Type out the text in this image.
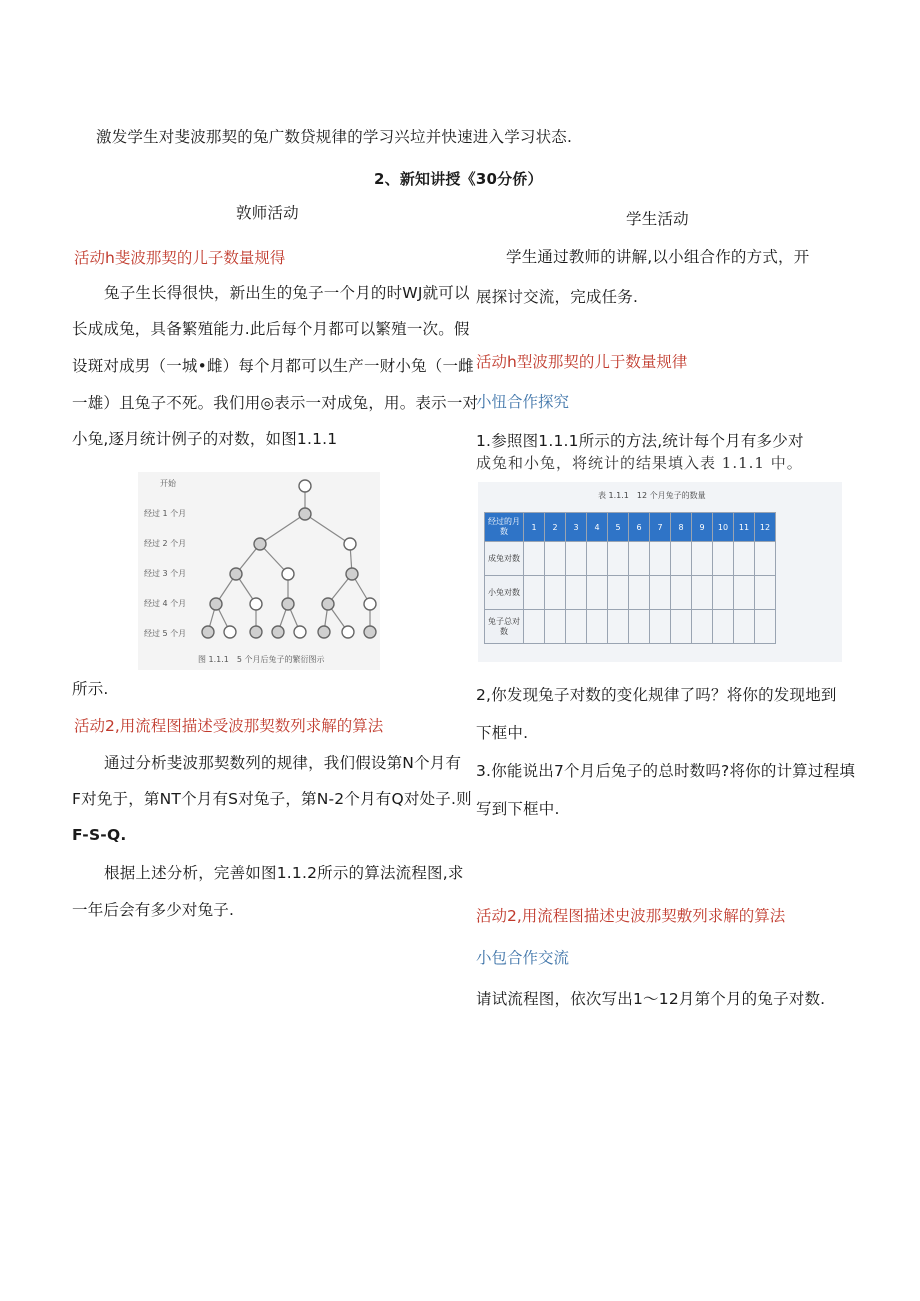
激发学生对斐波那契的兔广数贷规律的学习兴垃并快速进入学习状态.
2、新知讲授《30分侨）
敦师活动	学生活动
活动h斐波那契的儿子数量规得
兔子生长得很快，新出生的兔子一个月的时WJ就可以
长成成兔，具备繁殖能力.此后每个月都可以繁殖一次。假
设斑对成男（一城•雌）每个月都可以生产一财小兔（一雌
一雄）且兔子不死。我们用◎表示一对成兔，用。表示一对
小兔,逐月统计例子的对数，如图1.1.1
开始
经过 1 个月
经过 2 个月
经过 3 个月
经过 4 个月
经过 5 个月
图 1.1.1　5 个月后兔子的繁衍图示
所示.
活动2,用流程图描述受波那契数列求解的算法
通过分析斐波那契数列的规律，我们假设第N个月有
F对免于，第NT个月有S对兔子，第N-2个月有Q对处子.则
F-S-Q.
根据上述分析，完善如图1.1.2所示的算法流程图,求
一年后会有多少对兔子.
学生通过教师的讲解,以小组合作的方式，开
展探讨交流，完成任务.
活动h型波那契的儿于数量规律
小忸合作探究
1.参照图1.1.1所示的方法,统计每个月有多少对
成兔和小兔，将统计的结果填入表 1.1.1 中。
表 1.1.1　12 个月兔子的数量
经过的月数	1	2	3	4	5	6	7	8	9	10	11	12
成兔对数												
小兔对数												
兔子总对数												
2,你发现兔子对数的变化规律了吗？将你的发现地到
下框中.
3.你能说出7个月后兔子的总时数吗?将你的计算过程填
写到下框中.
活动2,用流程图描述史波那契敷列求解的算法
小包合作交流
请试流程图，依次写出1〜12月第个月的兔子对数.
